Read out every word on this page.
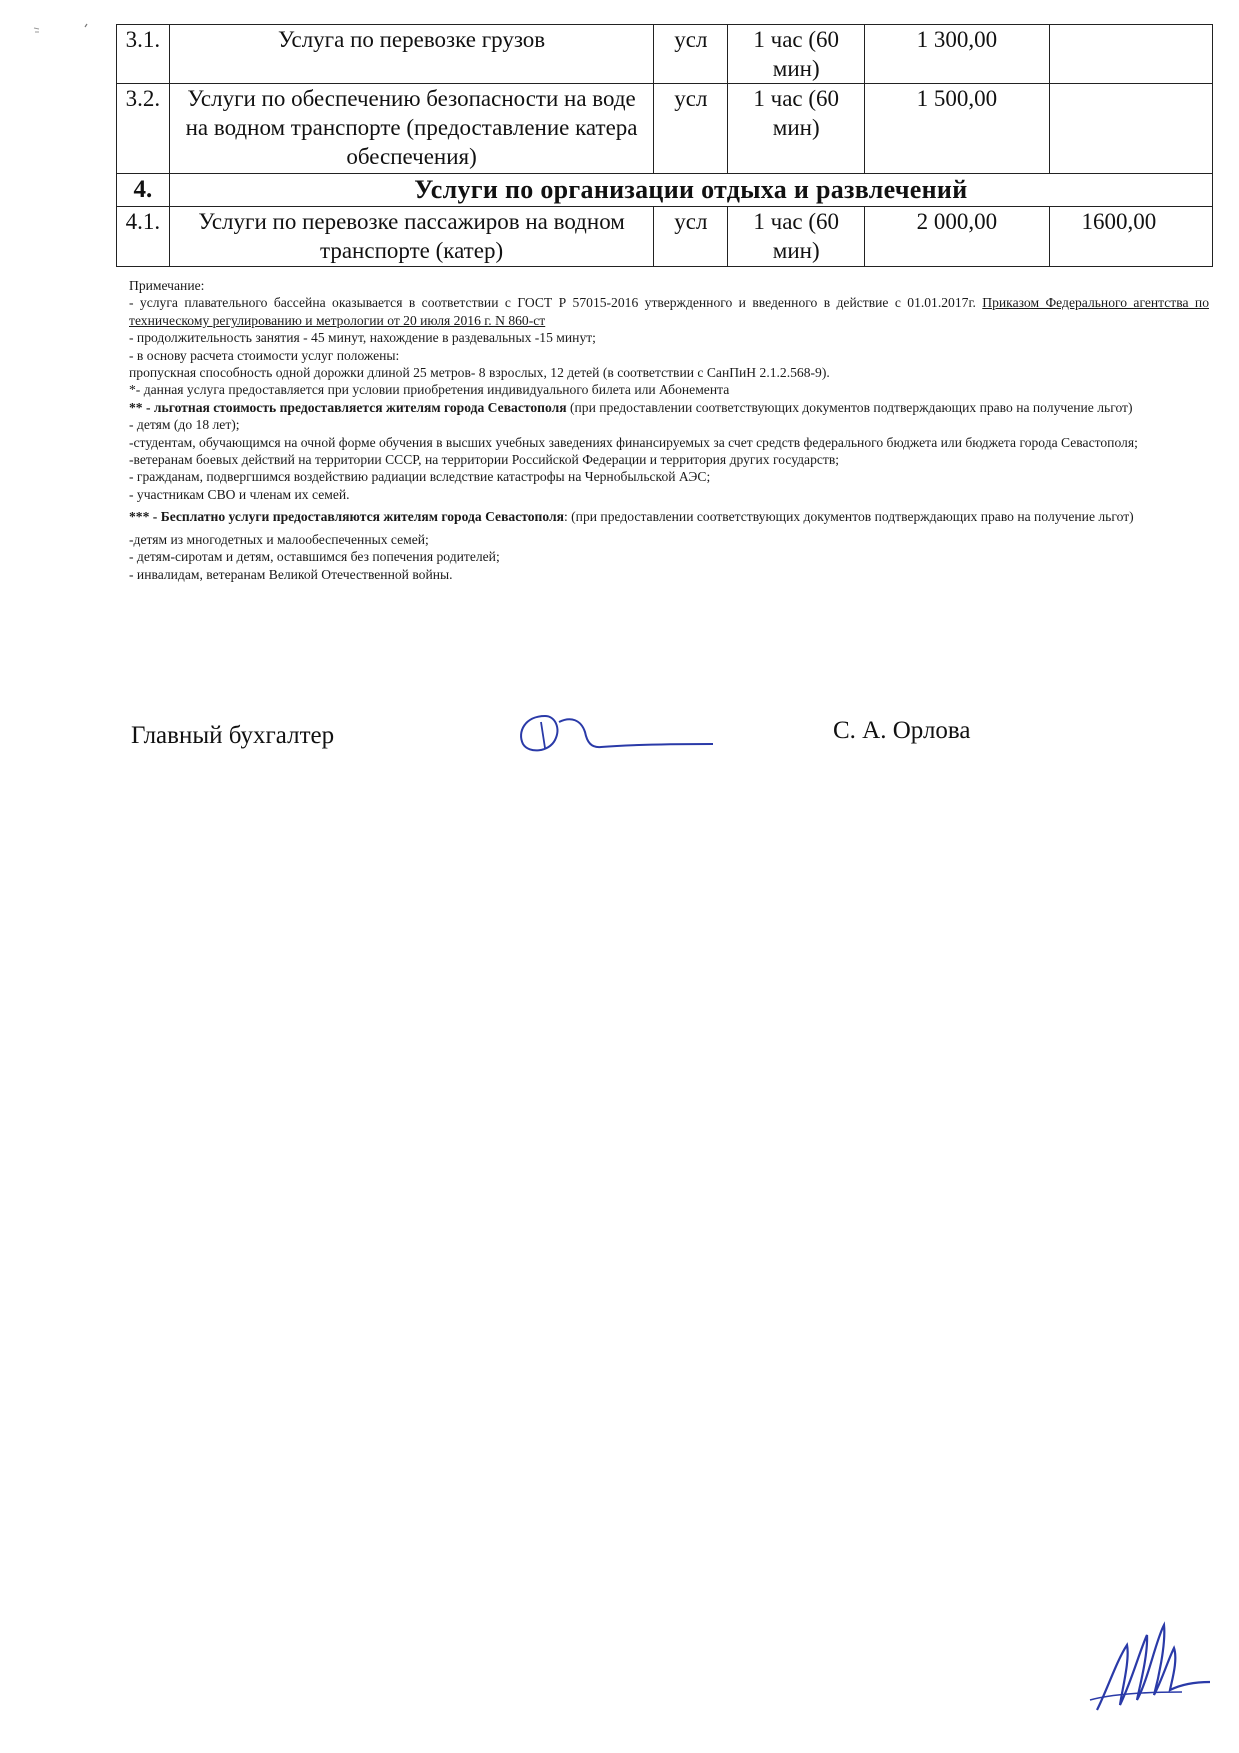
3.1.	Услуга по перевозке грузов	усл	1 час (60 мин)	1 300,00	
3.2.	Услуги по обеспечению безопасности на воде на водном транспорте (предоставление катера обеспечения)	усл	1 час (60 мин)	1 500,00	
4.	Услуги по организации отдыха и развлечений				
4.1.	Услуги по перевозке пассажиров на водном транспорте (катер)	усл	1 час (60 мин)	2 000,00	1600,00

Примечание:

- услуга плавательного бассейна оказывается в соответствии с ГОСТ Р 57015-2016 утвержденного и введенного в действие с 01.01.2017г. Приказом Федерального агентства по техническому регулированию и метрологии от 20 июля 2016 г. N 860-ст

- продолжительность занятия - 45 минут, нахождение в раздевальных -15 минут;

- в основу расчета стоимости услуг положены:

пропускная способность одной дорожки длиной 25 метров- 8 взрослых, 12 детей (в соответствии с СанПиН 2.1.2.568-9).

*- данная услуга предоставляется при условии приобретения индивидуального билета или Абонемента

** - льготная стоимость предоставляется жителям города Севастополя (при предоставлении соответствующих документов подтверждающих право на получение льгот)

- детям (до 18 лет);

-студентам, обучающимся на очной форме обучения в высших учебных заведениях финансируемых за счет средств федерального бюджета или бюджета города Севастополя;

-ветеранам боевых действий на территории СССР, на территории Российской Федерации и территория других государств;

- гражданам, подвергшимся воздействию радиации вследствие катастрофы на Чернобыльской АЭС;

- участникам СВО и членам их семей.

*** - Бесплатно услуги предоставляются жителям города Севастополя: (при предоставлении соответствующих документов подтверждающих право на получение льгот)

-детям из многодетных и малообеспеченных семей;

- детям-сиротам и детям, оставшимся без попечения родителей;

- инвалидам, ветеранам Великой Отечественной войны.

Главный бухгалтер	С. А. Орлова
